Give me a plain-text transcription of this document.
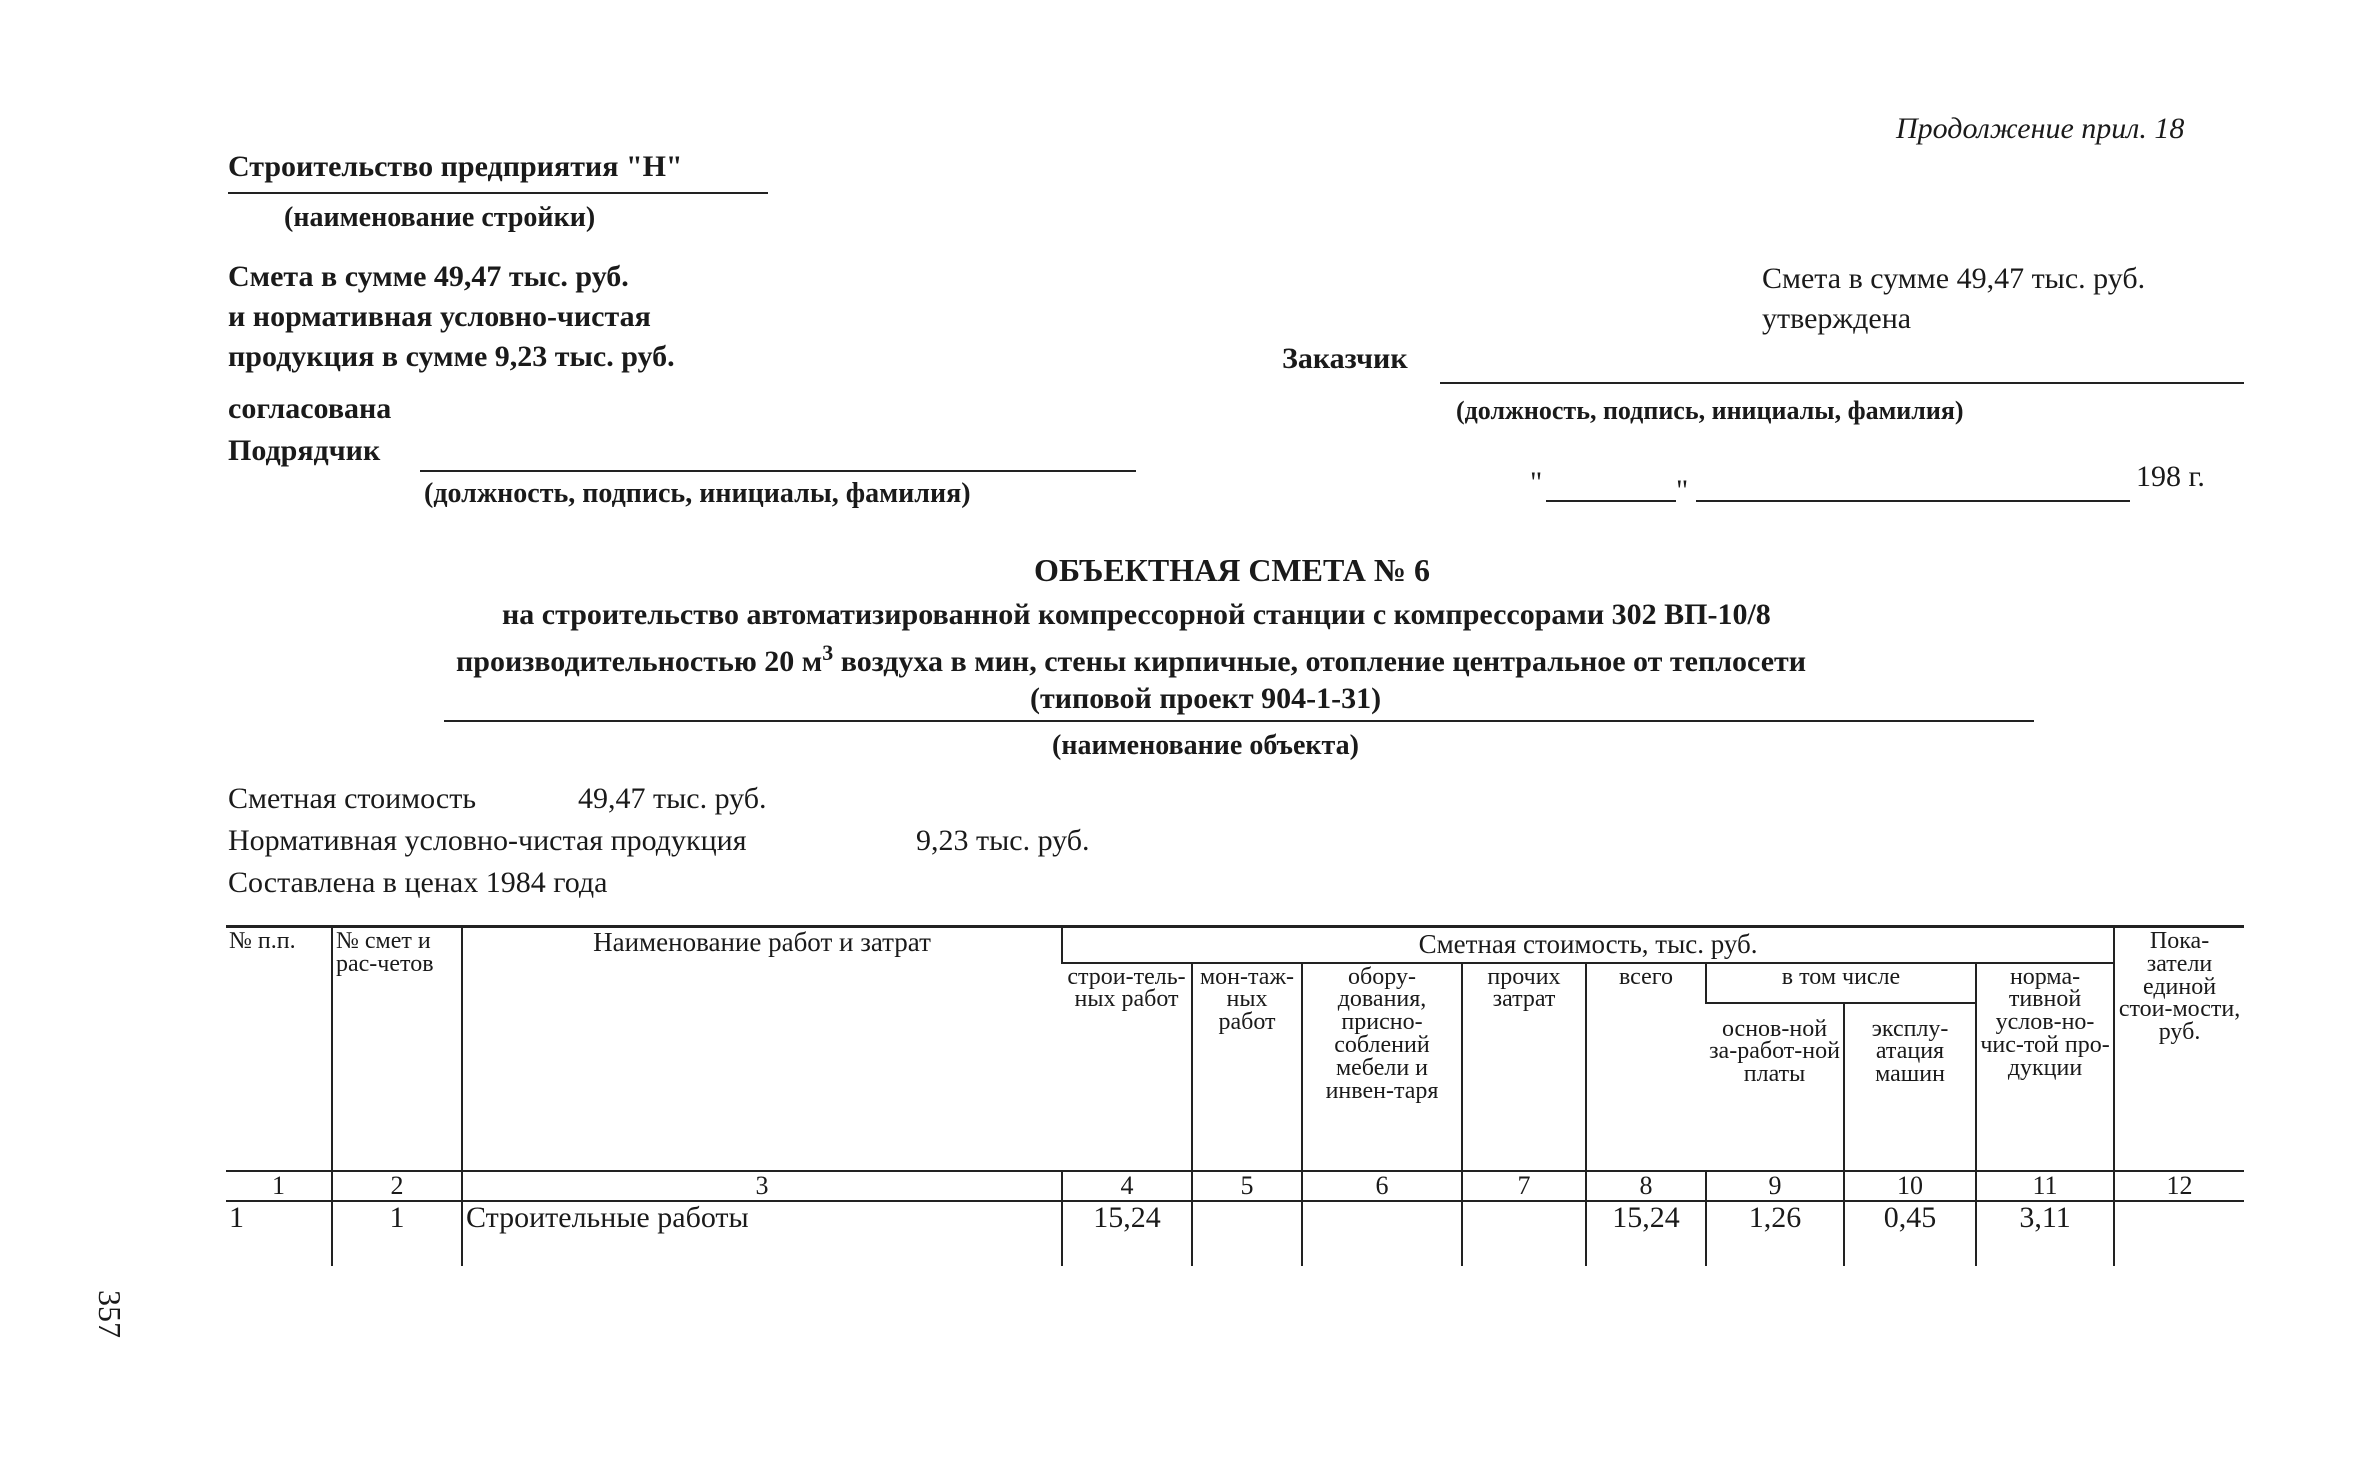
Продолжение прил. 18
Строительство предприятия "Н"
(наименование стройки)
Смета в сумме 49,47 тыс. руб.
и нормативная условно-чистая
продукция в сумме 9,23 тыс. руб.
согласована
Подрядчик
(должность, подпись, инициалы, фамилия)
Смета в сумме 49,47 тыс. руб.
утверждена
Заказчик
(должность, подпись, инициалы, фамилия)
"	"	198 г.
ОБЪЕКТНАЯ СМЕТА № 6
на строительство автоматизированной компрессорной станции с компрессорами 302 ВП-10/8
производительностью 20 $м^3$ воздуха в мин, стены кирпичные, отопление центральное от теплосети
(типовой проект 904-1-31)
(наименование объекта)
Сметная стоимость	49,47 тыс. руб.
Нормативная условно-чистая продукция	9,23 тыс. руб.
Составлена в ценах 1984 года
№ п.п.	№ смет и рас-четов	Наименование работ и затрат	Сметная стоимость, тыс. руб.								Пока-затели единой стои-мости, руб.
			строи-тель-ных работ	мон-таж-ных работ	обору-дования, присно-соблений мебели и инвен-таря	прочих затрат	всего	в том числе		норма-тивной услов-но-чис-той про-дукции	
								основ-ной за-работ-ной платы	эксплу-атация машин		
1	2	3	4	5	6	7	8	9	10	11	12
1	1	Строительные работы	15,24				15,24	1,26	0,45	3,11	
357
